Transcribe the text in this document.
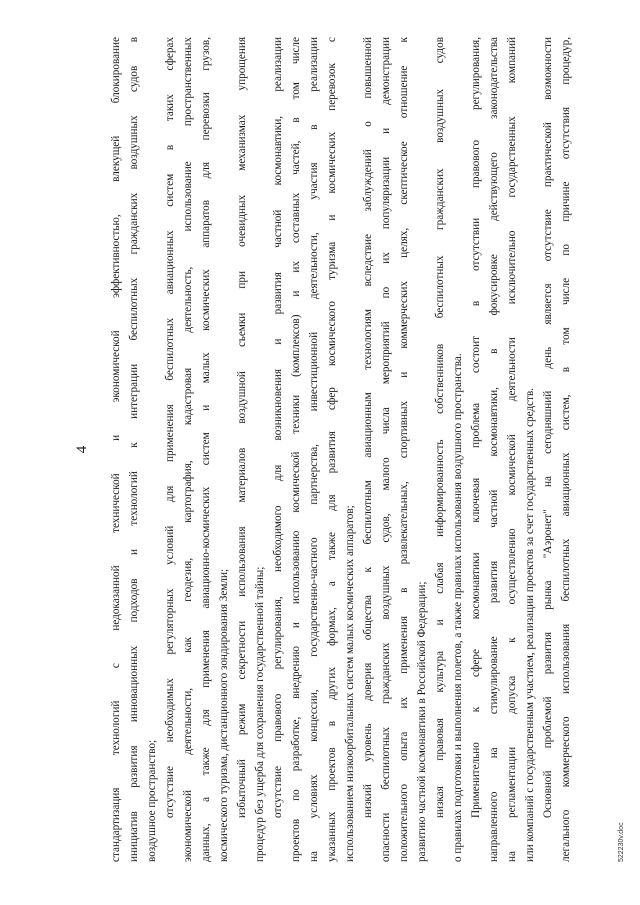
4 стандартизация технологий с недоказанной технической и экономической эффективностью, влекущей блокирование инициатив развития инновационных подходов и технологий к интеграции беспилотных гражданских воздушных судов в воздушное пространство; отсутствие необходимых регуляторных условий для применения беспилотных авиационных систем в таких сферах экономической деятельности, как геодезия, картография, кадастровая деятельность, использование пространственных данных, а также для применения авиационно-космических систем и малых космических аппаратов для перевозки грузов, космического туризма, дистанционного зондирования Земли; избыточный режим секретности использования материалов воздушной съемки при очевидных механизмах упрощения процедур без ущерба для сохранения государственной тайны; отсутствие правового регулирования, необходимого для возникновения и развития частной космонавтики, реализации проектов по разработке, внедрению и использованию космической техники (комплексов) и их составных частей, в том числе на условиях концессии, государственно-частного партнерства, инвестиционной деятельности, участия в реализации указанных проектов в других формах, а также для развития сфер космического туризма и космических перевозок с использованием низкоорбитальных систем малых космических аппаратов; низкий уровень доверия общества к беспилотным авиационным технологиям вследствие заблуждений о повышенной опасности беспилотных гражданских воздушных судов, малого числа мероприятий по их популяризации и демонстрации положительного опыта их применения в развлекательных, спортивных и коммерческих целях, скептическое отношение к развитию частной космонавтики в Российской Федерации; низкая правовая культура и слабая информированность собственников беспилотных гражданских воздушных судов о правилах подготовки и выполнения полетов, а также правилах использования воздушного пространства. Применительно к сфере космонавтики ключевая проблема состоит в отсутствии правового регулирования, направленного на стимулирование развития частной космонавтики, в фокусировке действующего законодательства на регламентации допуска к осуществлению космической деятельности исключительно государственных компаний или компаний с государственным участием, реализации проектов за счет государственных средств. Основной проблемой развития рынка "Аэронет" на сегодняшний день является отсутствие практической возможности легального коммерческого использования беспилотных авиационных систем, в том числе по причине отсутствия процедур,	522230v.doc
